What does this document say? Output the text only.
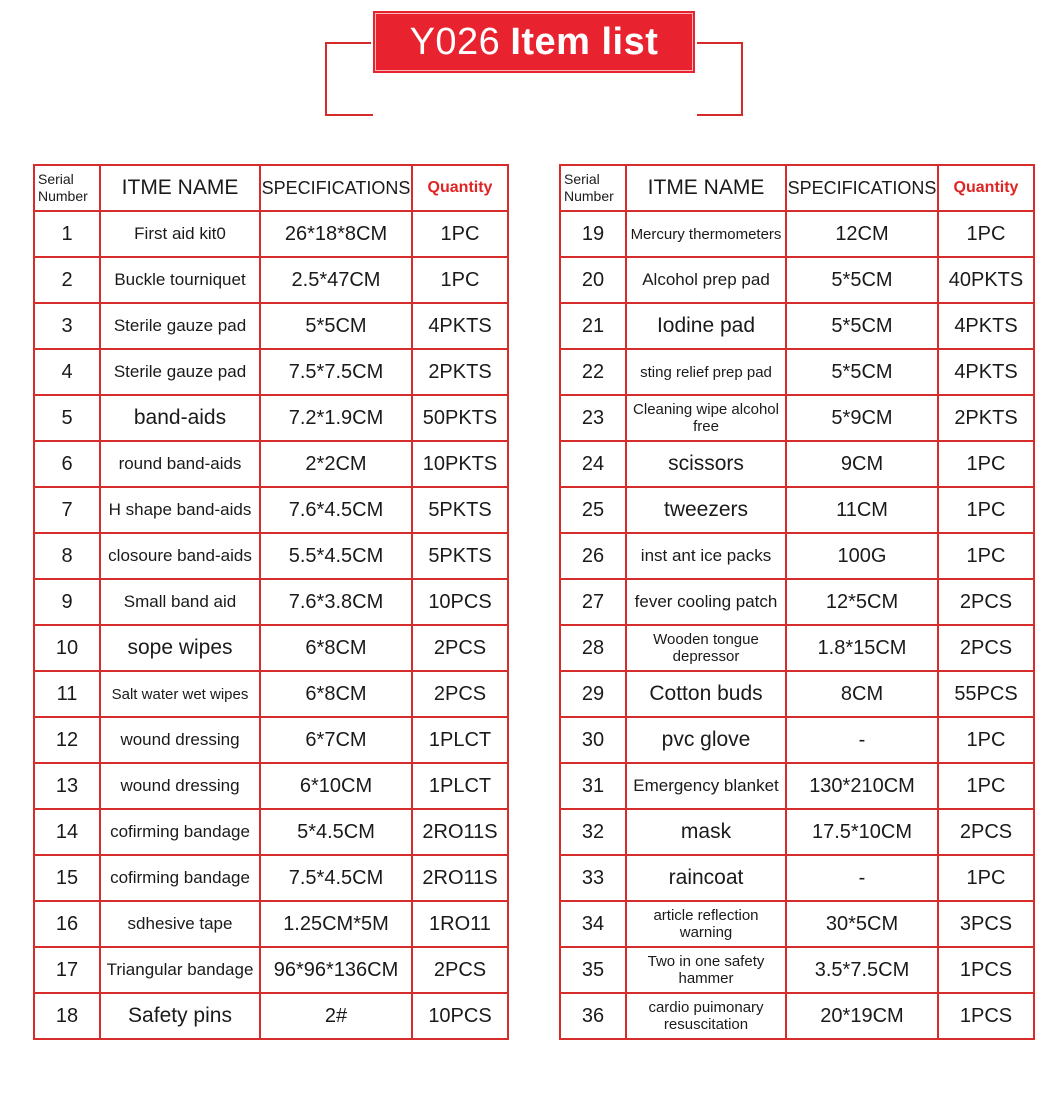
Y026 Item list
Serial
Number	ITME NAME	SPECIFICATIONS	Quantity
1	First aid kit0	26*18*8CM	1PC
2	Buckle tourniquet	2.5*47CM	1PC
3	Sterile gauze pad	5*5CM	4PKTS
4	Sterile gauze pad	7.5*7.5CM	2PKTS
5	band-aids	7.2*1.9CM	50PKTS
6	round band-aids	2*2CM	10PKTS
7	H shape band-aids	7.6*4.5CM	5PKTS
8	closoure band-aids	5.5*4.5CM	5PKTS
9	Small band aid	7.6*3.8CM	10PCS
10	sope wipes	6*8CM	2PCS
11	Salt water wet wipes	6*8CM	2PCS
12	wound dressing	6*7CM	1PLCT
13	wound dressing	6*10CM	1PLCT
14	cofirming bandage	5*4.5CM	2RO11S
15	cofirming bandage	7.5*4.5CM	2RO11S
16	sdhesive tape	1.25CM*5M	1RO11
17	Triangular bandage	96*96*136CM	2PCS
18	Safety pins	2#	10PCS
Serial
Number	ITME NAME	SPECIFICATIONS	Quantity
19	Mercury thermometers	12CM	1PC
20	Alcohol prep pad	5*5CM	40PKTS
21	Iodine pad	5*5CM	4PKTS
22	sting relief prep pad	5*5CM	4PKTS
23	Cleaning wipe alcohol free	5*9CM	2PKTS
24	scissors	9CM	1PC
25	tweezers	11CM	1PC
26	inst ant ice packs	100G	1PC
27	fever cooling patch	12*5CM	2PCS
28	Wooden tongue depressor	1.8*15CM	2PCS
29	Cotton buds	8CM	55PCS
30	pvc glove	-	1PC
31	Emergency blanket	130*210CM	1PC
32	mask	17.5*10CM	2PCS
33	raincoat	-	1PC
34	article reflection warning	30*5CM	3PCS
35	Two in one safety hammer	3.5*7.5CM	1PCS
36	cardio puimonary resuscitation	20*19CM	1PCS
